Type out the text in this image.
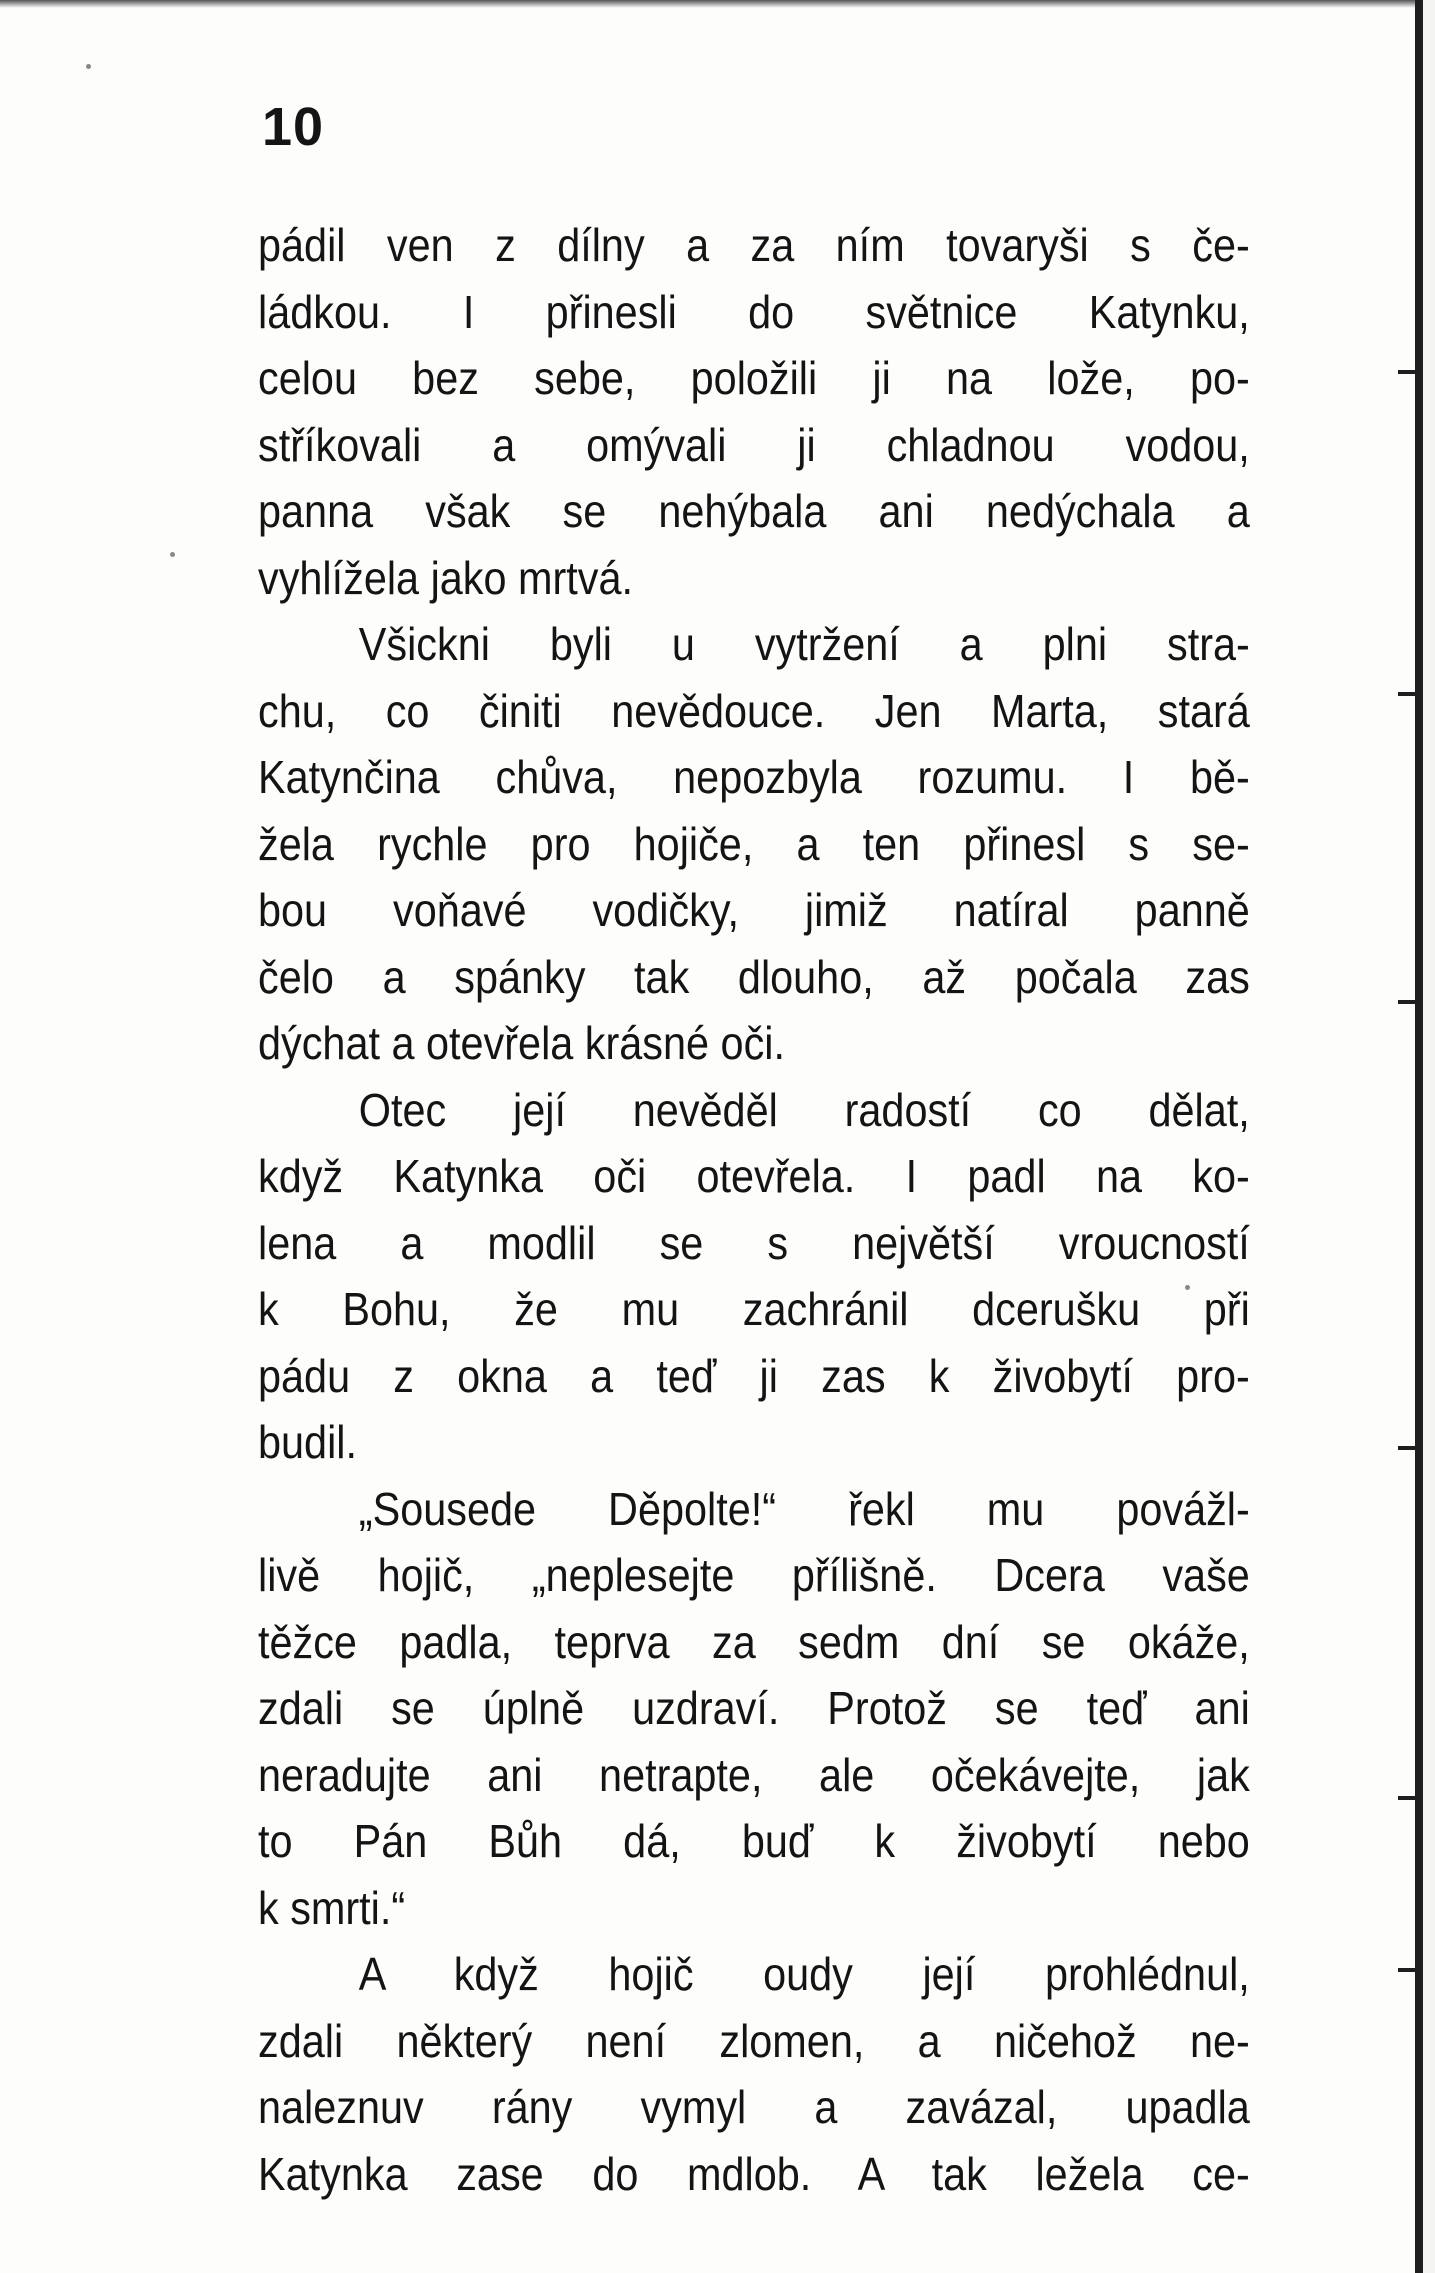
10
pádil ven z dílny a za ním tovaryši s če-
ládkou. I přinesli do světnice Katynku,
celou bez sebe, položili ji na lože, po-
stříkovali a omývali ji chladnou vodou,
panna však se nehýbala ani nedýchala a
vyhlížela jako mrtvá.
Všickni byli u vytržení a plni stra-
chu, co činiti nevědouce. Jen Marta, stará
Katynčina chůva, nepozbyla rozumu. I bě-
žela rychle pro hojiče, a ten přinesl s se-
bou voňavé vodičky, jimiž natíral panně
čelo a spánky tak dlouho, až počala zas
dýchat a otevřela krásné oči.
Otec její nevěděl radostí co dělat,
když Katynka oči otevřela. I padl na ko-
lena a modlil se s největší vroucností
k Bohu, že mu zachránil dcerušku při
pádu z okna a teď ji zas k živobytí pro-
budil.
„Sousede Děpolte!“ řekl mu povážl-
livě hojič, „neplesejte přílišně. Dcera vaše
těžce padla, teprva za sedm dní se okáže,
zdali se úplně uzdraví. Protož se teď ani
neradujte ani netrapte, ale očekávejte, jak
to Pán Bůh dá, buď k živobytí nebo
k smrti.“
A když hojič oudy její prohlédnul,
zdali některý není zlomen, a ničehož ne-
naleznuv rány vymyl a zavázal, upadla
Katynka zase do mdlob. A tak ležela ce-
